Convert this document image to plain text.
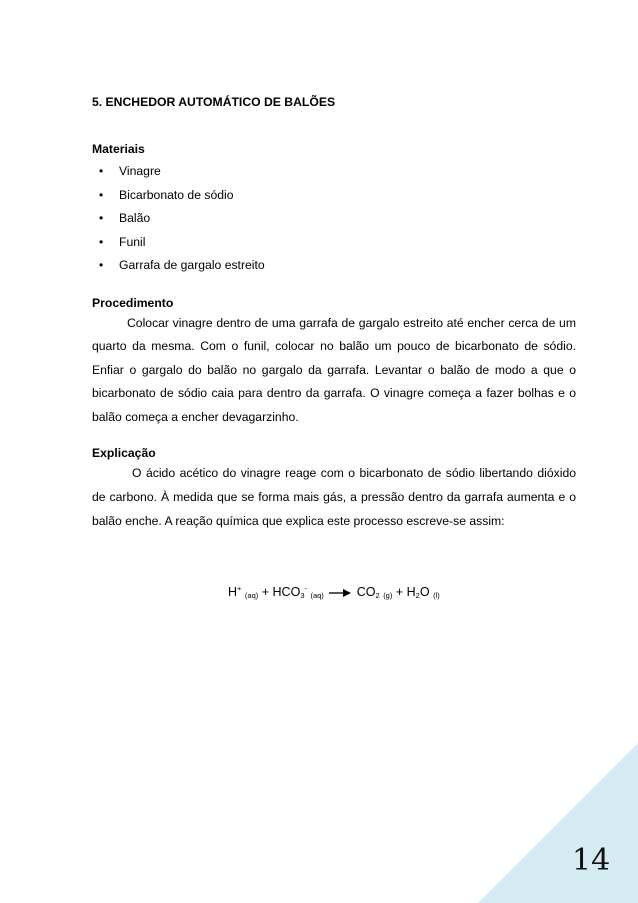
5. ENCHEDOR AUTOMÁTICO DE BALÕES

Materiais

• Vinagre
• Bicarbonato de sódio
• Balão
• Funil
• Garrafa de gargalo estreito

Procedimento

Colocar vinagre dentro de uma garrafa de gargalo estreito até encher cerca de um quarto da mesma. Com o funil, colocar no balão um pouco de bicarbonato de sódio. Enfiar o gargalo do balão no gargalo da garrafa. Levantar o balão de modo a que o bicarbonato de sódio caia para dentro da garrafa. O vinagre começa a fazer bolhas e o balão começa a encher devagarzinho.

Explicação

O ácido acético do vinagre reage com o bicarbonato de sódio libertando dióxido de carbono. À medida que se forma mais gás, a pressão dentro da garrafa aumenta e o balão enche. A reação química que explica este processo escreve-se assim:

H+ $_{(aq)} + HCO_3^-$ $_{(aq)} \to CO_2$ $_{(g)} + H_2O$ $_{(l)}$
14
